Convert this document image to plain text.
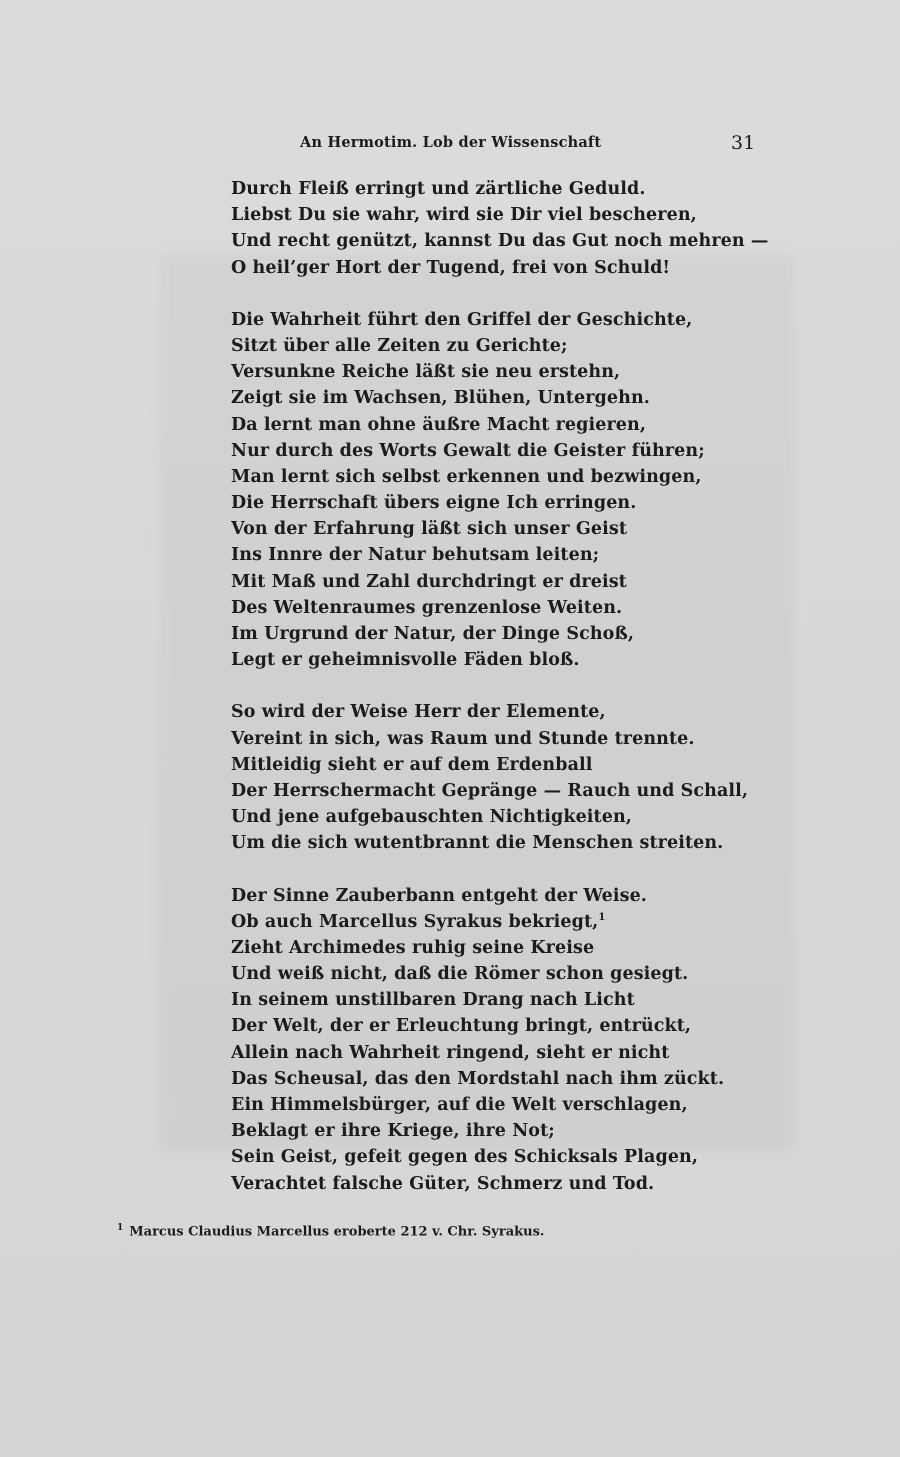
An Hermotim. Lob der Wissenschaft	31
Durch Fleiß erringt und zärtliche Geduld.
Liebst Du sie wahr, wird sie Dir viel bescheren,
Und recht genützt, kannst Du das Gut noch mehren —
O heil’ger Hort der Tugend, frei von Schuld!
Die Wahrheit führt den Griffel der Geschichte,
Sitzt über alle Zeiten zu Gerichte;
Versunkne Reiche läßt sie neu erstehn,
Zeigt sie im Wachsen, Blühen, Untergehn.
Da lernt man ohne äußre Macht regieren,
Nur durch des Worts Gewalt die Geister führen;
Man lernt sich selbst erkennen und bezwingen,
Die Herrschaft übers eigne Ich erringen.
Von der Erfahrung läßt sich unser Geist
Ins Innre der Natur behutsam leiten;
Mit Maß und Zahl durchdringt er dreist
Des Weltenraumes grenzenlose Weiten.
Im Urgrund der Natur, der Dinge Schoß,
Legt er geheimnisvolle Fäden bloß.
So wird der Weise Herr der Elemente,
Vereint in sich, was Raum und Stunde trennte.
Mitleidig sieht er auf dem Erdenball
Der Herrschermacht Gepränge — Rauch und Schall,
Und jene aufgebauschten Nichtigkeiten,
Um die sich wutentbrannt die Menschen streiten.
Der Sinne Zauberbann entgeht der Weise.
Ob auch Marcellus Syrakus bekriegt,$^1$
Zieht Archimedes ruhig seine Kreise
Und weiß nicht, daß die Römer schon gesiegt.
In seinem unstillbaren Drang nach Licht
Der Welt, der er Erleuchtung bringt, entrückt,
Allein nach Wahrheit ringend, sieht er nicht
Das Scheusal, das den Mordstahl nach ihm zückt.
Ein Himmelsbürger, auf die Welt verschlagen,
Beklagt er ihre Kriege, ihre Not;
Sein Geist, gefeit gegen des Schicksals Plagen,
Verachtet falsche Güter, Schmerz und Tod.
$^1$ Marcus Claudius Marcellus eroberte 212 v. Chr. Syrakus.
